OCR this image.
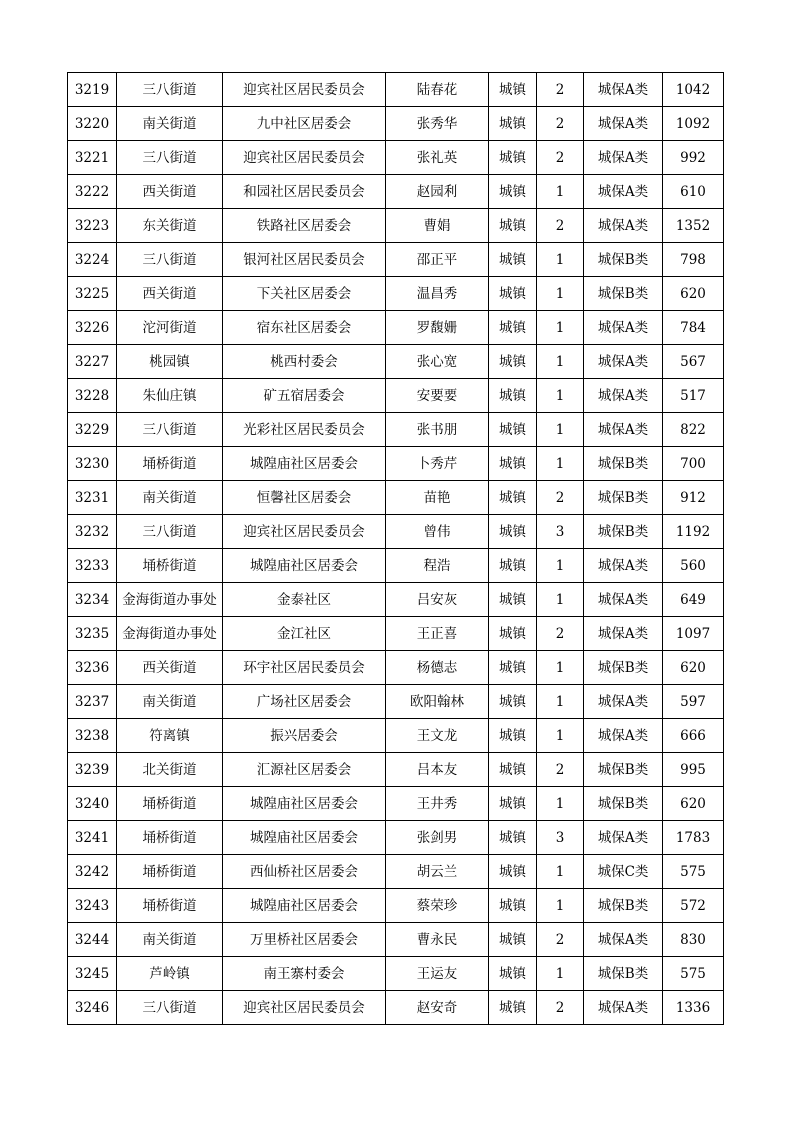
3219	三八街道	迎宾社区居民委员会	陆春花	城镇	2	城保A类	1042
3220	南关街道	九中社区居委会	张秀华	城镇	2	城保A类	1092
3221	三八街道	迎宾社区居民委员会	张礼英	城镇	2	城保A类	992
3222	西关街道	和园社区居民委员会	赵园利	城镇	1	城保A类	610
3223	东关街道	铁路社区居委会	曹娟	城镇	2	城保A类	1352
3224	三八街道	银河社区居民委员会	邵正平	城镇	1	城保B类	798
3225	西关街道	下关社区居委会	温昌秀	城镇	1	城保B类	620
3226	沱河街道	宿东社区居委会	罗馥姗	城镇	1	城保A类	784
3227	桃园镇	桃西村委会	张心宽	城镇	1	城保A类	567
3228	朱仙庄镇	矿五宿居委会	安要要	城镇	1	城保A类	517
3229	三八街道	光彩社区居民委员会	张书朋	城镇	1	城保A类	822
3230	埇桥街道	城隍庙社区居委会	卜秀芹	城镇	1	城保B类	700
3231	南关街道	恒馨社区居委会	苗艳	城镇	2	城保B类	912
3232	三八街道	迎宾社区居民委员会	曾伟	城镇	3	城保B类	1192
3233	埇桥街道	城隍庙社区居委会	程浩	城镇	1	城保A类	560
3234	金海街道办事处	金泰社区	吕安灰	城镇	1	城保A类	649
3235	金海街道办事处	金江社区	王正喜	城镇	2	城保A类	1097
3236	西关街道	环宇社区居民委员会	杨德志	城镇	1	城保B类	620
3237	南关街道	广场社区居委会	欧阳翰林	城镇	1	城保A类	597
3238	符离镇	振兴居委会	王文龙	城镇	1	城保A类	666
3239	北关街道	汇源社区居委会	吕本友	城镇	2	城保B类	995
3240	埇桥街道	城隍庙社区居委会	王井秀	城镇	1	城保B类	620
3241	埇桥街道	城隍庙社区居委会	张剑男	城镇	3	城保A类	1783
3242	埇桥街道	西仙桥社区居委会	胡云兰	城镇	1	城保C类	575
3243	埇桥街道	城隍庙社区居委会	蔡荣珍	城镇	1	城保B类	572
3244	南关街道	万里桥社区居委会	曹永民	城镇	2	城保A类	830
3245	芦岭镇	南王寨村委会	王运友	城镇	1	城保B类	575
3246	三八街道	迎宾社区居民委员会	赵安奇	城镇	2	城保A类	1336
